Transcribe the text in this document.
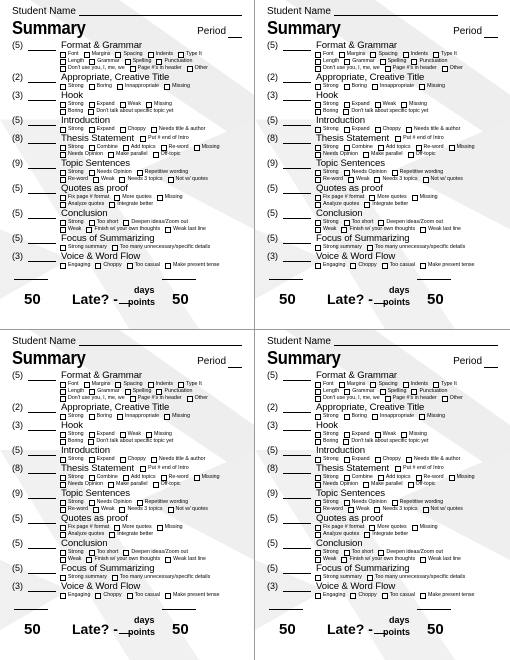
Student Name
Summary	Period
(5)	Format & Grammar
Font Margins Spacing Indents Type It
Length Grammar Spelling Punctuation
Don't use you, I, me, we Page #'s in header Other
(2)	Appropriate, Creative Title
Strong Boring Innappropriate Missing
(3)	Hook
Strong Expand Weak Missing
Boring Don't talk about specific topic yet
(5)	Introduction
Strong Expand Choppy Needs title & author
(8)	Thesis Statement	Put # end of Intro
Strong Combine Add topics Re-word Missing
Needs Opinion Make parallel Off-topic
(9)	Topic Sentences
Strong Needs Opinion Repetitive wording
Re-word Weak Needs 3 topics Not w/ quotes
(5)	Quotes as proof
Fix page # format More quotes Missing
Analyze quotes Integrate better
(5)	Conclusion
Strong Too short Deepen ideas/Zoom out
Weak Finish w/ your own thoughts Weak last line
(5)	Focus of Summarizing
Strong summary Too many unnecessary/specific details
(3)	Voice & Word Flow
Engaging Choppy Too casual Make present tense
50 Late? -
days
points 50
Student Name
Summary	Period
(5)	Format & Grammar
Font Margins Spacing Indents Type It
Length Grammar Spelling Punctuation
Don't use you, I, me, we Page #'s in header Other
(2)	Appropriate, Creative Title
Strong Boring Innappropriate Missing
(3)	Hook
Strong Expand Weak Missing
Boring Don't talk about specific topic yet
(5)	Introduction
Strong Expand Choppy Needs title & author
(8)	Thesis Statement	Put # end of Intro
Strong Combine Add topics Re-word Missing
Needs Opinion Make parallel Off-topic
(9)	Topic Sentences
Strong Needs Opinion Repetitive wording
Re-word Weak Needs 3 topics Not w/ quotes
(5)	Quotes as proof
Fix page # format More quotes Missing
Analyze quotes Integrate better
(5)	Conclusion
Strong Too short Deepen ideas/Zoom out
Weak Finish w/ your own thoughts Weak last line
(5)	Focus of Summarizing
Strong summary Too many unnecessary/specific details
(3)	Voice & Word Flow
Engaging Choppy Too casual Make present tense
50 Late? -
days
points 50
Student Name
Summary	Period
(5)	Format & Grammar
Font Margins Spacing Indents Type It
Length Grammar Spelling Punctuation
Don't use you, I, me, we Page #'s in header Other
(2)	Appropriate, Creative Title
Strong Boring Innappropriate Missing
(3)	Hook
Strong Expand Weak Missing
Boring Don't talk about specific topic yet
(5)	Introduction
Strong Expand Choppy Needs title & author
(8)	Thesis Statement	Put # end of Intro
Strong Combine Add topics Re-word Missing
Needs Opinion Make parallel Off-topic
(9)	Topic Sentences
Strong Needs Opinion Repetitive wording
Re-word Weak Needs 3 topics Not w/ quotes
(5)	Quotes as proof
Fix page # format More quotes Missing
Analyze quotes Integrate better
(5)	Conclusion
Strong Too short Deepen ideas/Zoom out
Weak Finish w/ your own thoughts Weak last line
(5)	Focus of Summarizing
Strong summary Too many unnecessary/specific details
(3)	Voice & Word Flow
Engaging Choppy Too casual Make present tense
50 Late? -
days
points 50
Student Name
Summary	Period
(5)	Format & Grammar
Font Margins Spacing Indents Type It
Length Grammar Spelling Punctuation
Don't use you, I, me, we Page #'s in header Other
(2)	Appropriate, Creative Title
Strong Boring Innappropriate Missing
(3)	Hook
Strong Expand Weak Missing
Boring Don't talk about specific topic yet
(5)	Introduction
Strong Expand Choppy Needs title & author
(8)	Thesis Statement	Put # end of Intro
Strong Combine Add topics Re-word Missing
Needs Opinion Make parallel Off-topic
(9)	Topic Sentences
Strong Needs Opinion Repetitive wording
Re-word Weak Needs 3 topics Not w/ quotes
(5)	Quotes as proof
Fix page # format More quotes Missing
Analyze quotes Integrate better
(5)	Conclusion
Strong Too short Deepen ideas/Zoom out
Weak Finish w/ your own thoughts Weak last line
(5)	Focus of Summarizing
Strong summary Too many unnecessary/specific details
(3)	Voice & Word Flow
Engaging Choppy Too casual Make present tense
50 Late? -
days
points 50
